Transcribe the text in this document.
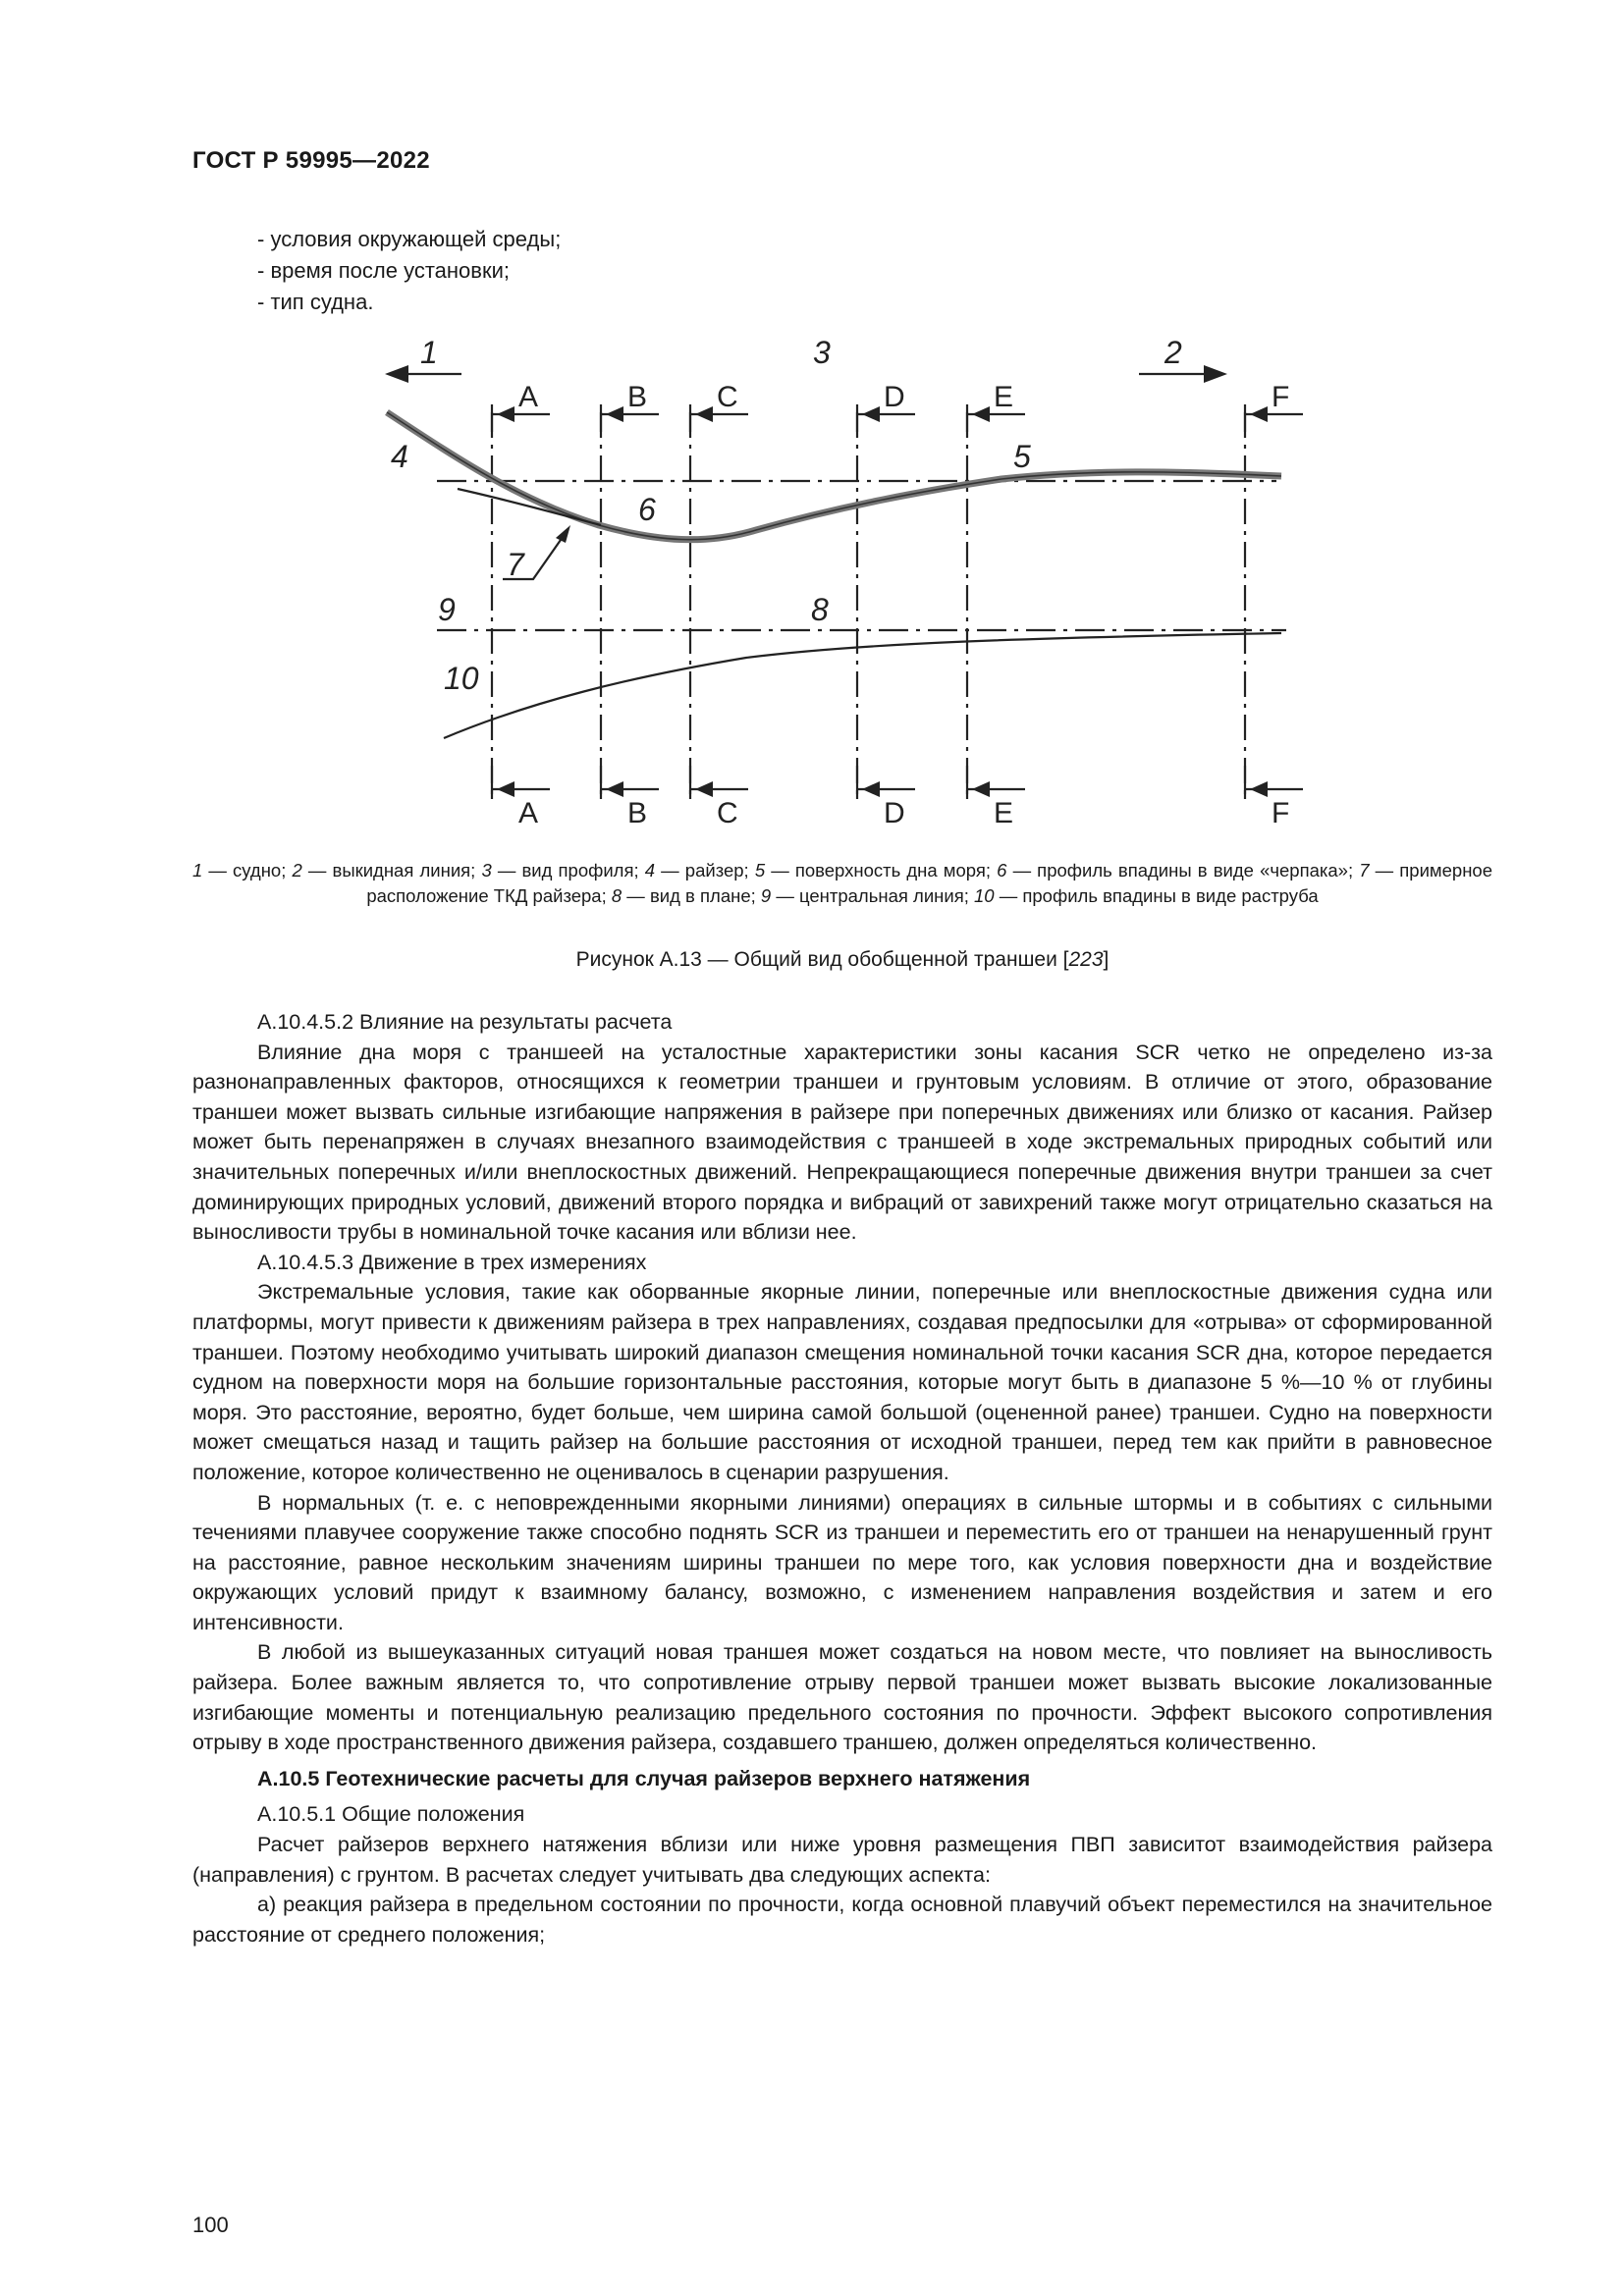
ГОСТ Р 59995—2022
- условия окружающей среды;
- время после установки;
- тип судна.
1	2
3
4	5
6
7
8
9
10
A	B C	D	E	F
A	B C	D	E	F
1 — судно; 2 — выкидная линия; 3 — вид профиля; 4 — райзер; 5 — поверхность дна моря; 6 — профиль впадины в виде «черпака»; 7 — примерное расположение ТКД райзера; 8 — вид в плане; 9 — центральная линия; 10 — профиль впадины в виде раструба
Рисунок А.13 — Общий вид обобщенной траншеи [223]

А.10.4.5.2 Влияние на результаты расчета

Влияние дна моря с траншеей на усталостные характеристики зоны касания SCR четко не определено из-за разнонаправленных факторов, относящихся к геометрии траншеи и грунтовым условиям. В отличие от этого, образование траншеи может вызвать сильные изгибающие напряжения в райзере при поперечных движениях или близко от касания. Райзер может быть перенапряжен в случаях внезапного взаимодействия с траншеей в ходе экстремальных природных событий или значительных поперечных и/или внеплоскостных движений. Непрекращающиеся поперечные движения внутри траншеи за счет доминирующих природных условий, движений второго порядка и вибраций от завихрений также могут отрицательно сказаться на выносливости трубы в номинальной точке касания или вблизи нее.

А.10.4.5.3 Движение в трех измерениях

Экстремальные условия, такие как оборванные якорные линии, поперечные или внеплоскостные движения судна или платформы, могут привести к движениям райзера в трех направлениях, создавая предпосылки для «отрыва» от сформированной траншеи. Поэтому необходимо учитывать широкий диапазон смещения номинальной точки касания SCR дна, которое передается судном на поверхности моря на большие горизонтальные расстояния, которые могут быть в диапазоне 5 %—10 % от глубины моря. Это расстояние, вероятно, будет больше, чем ширина самой большой (оцененной ранее) траншеи. Судно на поверхности может смещаться назад и тащить райзер на большие расстояния от исходной траншеи, перед тем как прийти в равновесное положение, которое количественно не оценивалось в сценарии разрушения.

В нормальных (т. е. с неповрежденными якорными линиями) операциях в сильные штормы и в событиях с сильными течениями плавучее сооружение также способно поднять SCR из траншеи и переместить его от траншеи на ненарушенный грунт на расстояние, равное нескольким значениям ширины траншеи по мере того, как условия поверхности дна и воздействие окружающих условий придут к взаимному балансу, возможно, с изменением направления воздействия и затем и его интенсивности.

В любой из вышеуказанных ситуаций новая траншея может создаться на новом месте, что повлияет на выносливость райзера. Более важным является то, что сопротивление отрыву первой траншеи может вызвать высокие локализованные изгибающие моменты и потенциальную реализацию предельного состояния по прочности. Эффект высокого сопротивления отрыву в ходе пространственного движения райзера, создавшего траншею, должен определяться количественно.

А.10.5 Геотехнические расчеты для случая райзеров верхнего натяжения

А.10.5.1 Общие положения

Расчет райзеров верхнего натяжения вблизи или ниже уровня размещения ПВП зависитот взаимодействия райзера (направления) с грунтом. В расчетах следует учитывать два следующих аспекта:

а) реакция райзера в предельном состоянии по прочности, когда основной плавучий объект переместился на значительное расстояние от среднего положения;

100
